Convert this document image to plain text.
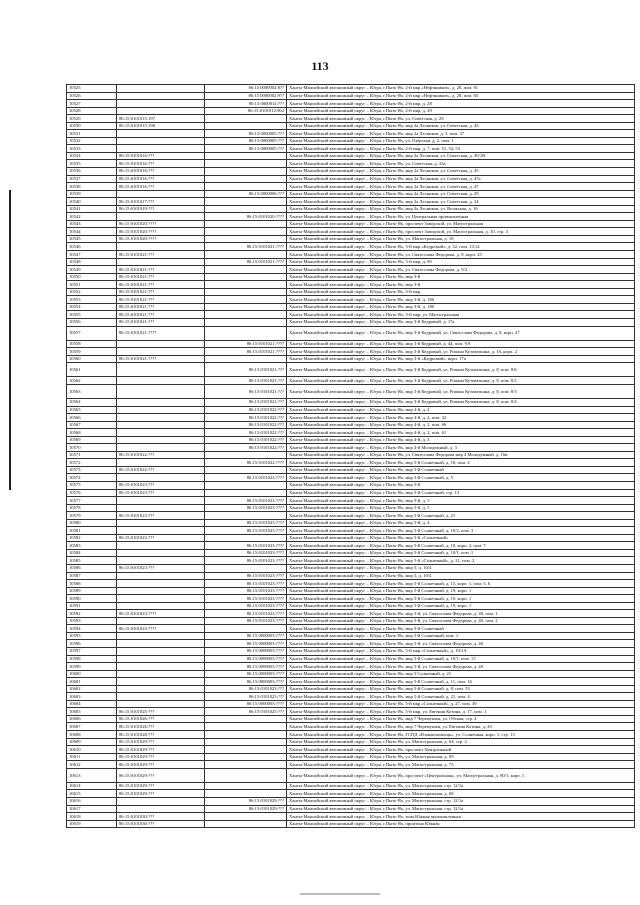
113
10525		86:15:0000002:8??	Ханты-Мансийский автономный округ – Югра, г.Пыть-Ях, 2-й мкр «Нефтяников», д. 28, пом. 81
10526		86:15:0000002:9??	Ханты-Мансийский автономный округ – Югра, г.Пыть-Ях, 2-й мкр «Нефтяников», д. 28, пом. 83
10527		86:15:0000012:???	Ханты-Мансийский автономный округ – Югра, г.Пыть-Ях, 2-й мкр, д. 28
10528		86:15:0101012:962	Ханты-Мансийский автономный округ – Югра, г.Пыть-Ях, 2-й мкр, д. 29
10529	86:15:0101015:197		Ханты-Мансийский автономный округ – Югра, г.Пыть-Ях, ул. Советская, д. 29
10530	86:15:0101015:198		Ханты-Мансийский автономный округ – Югра, г.Пыть-Ях, мкр 2а Лесников, ул. Советская, д. 43
10531		86:15:0000005:???	Ханты-Мансийский автономный округ – Югра, г.Пыть-Ях, мкр 2а Лесников, д. 3, пом. 37
10532		86:15:0000005:???	Ханты-Мансийский автономный округ – Югра, г.Пыть-Ях, ул. Озёрская, д. 2, пом. 1
10533		86:15:0000005:???	Ханты-Мансийский автономный округ – Югра, г.Пыть-Ях, 2-й мкр, д. 7, пом. 51, 52, 53
10534	86:15:0101016:???		Ханты-Мансийский автономный округ – Югра, г.Пыть-Ях, мкр 2а Лесников, ул. Советская, д. 30/1В
10535	86:15:0101016:???		Ханты-Мансийский автономный округ – Югра, г.Пыть-Ях, ул. Советская, д. 33а
10536	86:15:0101016:???		Ханты-Мансийский автономный округ – Югра, г.Пыть-Ях, мкр 2а Лесников, ул. Советская, д. 45
10537	86:15:0101016:???		Ханты-Мансийский автономный округ – Югра, г.Пыть-Ях, мкр 2а Лесников, ул. Советская, д. 47а
10538	86:15:0101016:???		Ханты-Мансийский автономный округ – Югра, г.Пыть-Ях, мкр 2а Лесников, ул. Советская, д. 47
10539		86:15:0000006:???	Ханты-Мансийский автономный округ – Югра, г.Пыть-Ях, мкр 2а Лесников, ул. Советская, д. 29
10540	86:15:0101017:???		Ханты-Мансийский автономный округ – Югра, г.Пыть-Ях, мкр 2а Лесников, ул. Советская, д. 34
10541	86:15:0101019:???		Ханты-Мансийский автономный округ – Югра, г.Пыть-Ях, мкр 2а Лесников, ул. Волжская, д. 16
10542		86:15:0101020:????	Ханты-Мансийский автономный округ – Югра, г.Пыть-Ях, ул. Центральная промышленная
10543	86:15:0101020:????		Ханты-Мансийский автономный округ – Югра, г.Пыть-Ях, проспект Заводской, ул. Магистральная
10544	86:15:0101020:????		Ханты-Мансийский автономный округ – Югра, г.Пыть-Ях, проспект Заводской, ул. Магистральная, д. 10, стр. 3
10545	86:15:0101020:????		Ханты-Мансийский автономный округ – Югра, г.Пыть-Ях, ул. Магистральная, д. 18
10546		86:15:0101021:????	Ханты-Мансийский автономный округ – Югра, г.Пыть-Ях, 3-й мкр «Кедровый», д. 32, пом. 13,14
10547	86:15:0101021:???		Ханты-Мансийский автономный округ – Югра, г.Пыть-Ях, ул. Святослава Федорова, д. 8, корп. 25
10548		86:15:0101021:????	Ханты-Мансийский автономный округ – Югра, г.Пыть-Ях, 3-й мкр, д. 9б
10549	86:15:0101021:???		Ханты-Мансийский автономный округ – Югра, г.Пыть-Ях, ул. Святослава Федорова, д. 9/2
10550	86:15:0101021:???		Ханты-Мансийский автономный округ – Югра, г.Пыть-Ях, мкр 3-й
10551	86:15:0101021:???		Ханты-Мансийский автономный округ – Югра, г.Пыть-Ях, мкр 3-й
10552	86:15:0101021:???		Ханты-Мансийский автономный округ – Югра, г.Пыть-Ях, 3-й мкр
10553	86:15:0101021:???		Ханты-Мансийский автономный округ – Югра, г.Пыть-Ях, мкр 3-й, д. 18б
10554	86:15:0101021:???		Ханты-Мансийский автономный округ – Югра, г.Пыть-Ях, мкр 3-й, д. 18б
10555	86:15:0101021:???		Ханты-Мансийский автономный округ – Югра, г.Пыть-Ях, 3-й мкр, ул. Магистральная
10556	86:15:0101021:???		Ханты-Мансийский автономный округ – Югра, г.Пыть-Ях, мкр 3-й Кедровый, д. 17а
10557	86:15:0101021:????		Ханты-Мансийский автономный округ – Югра, г.Пыть-Ях, мкр 3-й Кедровый, ул. Святослава Федорова, д. 8, корп. 27
10558		86:15:0101021:????	Ханты-Мансийский автономный округ – Югра, г.Пыть-Ях, мкр 3-й Кедровый, д. 44, пом. 9,9
10559		86:15:0101021:????	Ханты-Мансийский автономный округ – Югра, г.Пыть-Ях, мкр 3-й Кедровый, ул. Романа Кузоваткина, д. 16, корп. 2
10560	86:15:0101021:????		Ханты-Мансийский автономный округ – Югра, г.Пыть-Ях, мкр 3-й «Кедровый», корп. 17а
10561		86:15:0101021:???	Ханты-Мансийский автономный округ – Югра, г.Пыть-Ях, мкр 3-й Кедровый, ул. Романа Кузоваткина, д. 8, пом. 8/6
10562		86:15:0101021:???	Ханты-Мансийский автономный округ – Югра, г.Пыть-Ях, мкр 3-й Кедровый, ул. Романа Кузоваткина, д. 8, пом. 8/2
10563		86:15:0101021:???	Ханты-Мансийский автономный округ – Югра, г.Пыть-Ях, мкр 3-й Кедровый, ул. Романа Кузоваткина, д. 8, пом. 8/3
10564		86:15:0101021:???	Ханты-Мансийский автономный округ – Югра, г.Пыть-Ях, мкр 3-й Кедровый, ул. Романа Кузоваткина, д. 8, пом. 8/4
10565		86:15:0101022:???	Ханты-Мансийский автономный округ – Югра, г.Пыть-Ях, мкр 4-й, д. 2
10566		86:15:0101022:???	Ханты-Мансийский автономный округ – Югра, г.Пыть-Ях, мкр 4-й, д. 2, пом. 32
10567		86:15:0101022:???	Ханты-Мансийский автономный округ – Югра, г.Пыть-Ях, мкр 4-й, д. 2, пом. 66
10568		86:15:0101022:???	Ханты-Мансийский автономный округ – Югра, г.Пыть-Ях, мкр 4-й, д. 2, пом. 61
10569		86:15:0101022:???	Ханты-Мансийский автономный округ – Югра, г.Пыть-Ях, мкр 4-й, д. 3
10570		86:15:0101022:???	Ханты-Мансийский автономный округ – Югра, г.Пыть-Ях, мкр 4-й Молодежный, д. 3
10571	86:15:0101022:???		Ханты-Мансийский автономный округ – Югра, г.Пыть-Ях, ул. Святослава Федорова мкр 4 Молодежный, д. 16в
10572		86:15:0101022:????	Ханты-Мансийский автономный округ – Югра, г.Пыть-Ях, мкр 5-й Солнечный, д. 18, пом. 2
10573	86:15:0101022:???		Ханты-Мансийский автономный округ – Югра, г.Пыть-Ях, мкр 5-й Солнечный
10574		86:15:0101023:????	Ханты-Мансийский автономный округ – Югра, г.Пыть-Ях, мкр 5-й Солнечный, д. 5
10575	86:15:0101023:???		Ханты-Мансийский автономный округ – Югра, г.Пыть-Ях, мкр 5-й
10576	86:15:0101023:???		Ханты-Мансийский автономный округ – Югра, г.Пыть-Ях, мкр 5-й Солнечный, стр. 13
10577		86:15:0101023:????	Ханты-Мансийский автономный округ – Югра, г.Пыть-Ях, мкр 5-й, д. 5
10578		86:15:0101023:????	Ханты-Мансийский автономный округ – Югра, г.Пыть-Ях, мкр 5-й, д. 5
10579	86:15:0101023:???		Ханты-Мансийский автономный округ – Югра, г.Пыть-Ях, мкр 5-й Солнечный, д. 21
10580		86:15:0101023:????	Ханты-Мансийский автономный округ – Югра, г.Пыть-Ях, мкр 5-й, д. 4
10581		86:15:0101023:????	Ханты-Мансийский автономный округ – Югра, г.Пыть-Ях, мкр 5-й Солнечный, д. 10/2, пом. 3
10582	86:15:0101023:???		Ханты-Мансийский автономный округ – Югра, г.Пыть-Ях, мкр 5-й «Солнечный»
10583		86:15:0101023:????	Ханты-Мансийский автономный округ – Югра, г.Пыть-Ях, мкр 5-й Солнечный, д. 10, корп. 2, пом. 7
10584		86:15:0101023:????	Ханты-Мансийский автономный округ – Югра, г.Пыть-Ях, мкр 5-й Солнечный, д. 10/1, пом. 1
10585		86:15:0101023:????	Ханты-Мансийский автономный округ – Югра, г.Пыть-Ях, мкр 5-й «Солнечный», д. 21, пом. 2
10586	86:15:0101023:???		Ханты-Мансийский автономный округ – Югра, г.Пыть-Ях, мкр 5, д. 10/4
10587		86:15:0101023:????	Ханты-Мансийский автономный округ – Югра, г.Пыть-Ях, мкр 5, д. 10/4
10588		86:15:0101023:????	Ханты-Мансийский автономный округ – Югра, г.Пыть-Ях, мкр 5-й Солнечный, д. 15, корп. 1, пом. 5, 6
10589		86:15:0101023:????	Ханты-Мансийский автономный округ – Югра, г.Пыть-Ях, мкр 5-й Солнечный, д. 19, корп. 1
10590		86:15:0101023:????	Ханты-Мансийский автономный округ – Югра, г.Пыть-Ях, мкр 5-й Солнечный, д. 19, корп. 1
10591		86:15:0101023:????	Ханты-Мансийский автономный округ – Югра, г.Пыть-Ях, мкр 5-й Солнечный, д. 19, корп. 1
10592	86:15:0101023:????	86:15:0101023:????	Ханты-Мансийский автономный округ – Югра, г.Пыть-Ях, мкр 5-й, ул. Святослава Федорова, д. 40, пом. 1
10593		86:15:0101023:????	Ханты-Мансийский автономный округ – Югра, г.Пыть-Ях, мкр 5-й, ул. Святослава Федорова, д. 40, пом. 2
10594	86:15:0101023:????		Ханты-Мансийский автономный округ – Югра, г.Пыть-Ях, мкр 5-й Солнечный
10595		86:15:0000003:????	Ханты-Мансийский автономный округ – Югра, г.Пыть-Ях, мкр 5-й Солнечный, пом. 1
10596		86:15:0000003:????	Ханты-Мансийский автономный округ – Югра, г.Пыть-Ях, мкр 5-й, ул. Святослава Федорова, д. 40
10597		86:15:0000003:????	Ханты-Мансийский автономный округ – Югра, г.Пыть-Ях, 5-й мкр «Солнечный», д. 10/1А
10598		86:15:0000003:????	Ханты-Мансийский автономный округ – Югра, г.Пыть-Ях, мкр 5-й Солнечный, д. 10/1, пом. 15
10599		86:15:0000003:????	Ханты-Мансийский автономный округ – Югра, г.Пыть-Ях, мкр 5-й, ул. Святослава Федорова, д. 40
10600		86:15:0000003:????	Ханты-Мансийский автономный округ – Югра, г.Пыть-Ях, мкр 5 Солнечный, д. 21
10601		86:15:0000003:????	Ханты-Мансийский автономный округ – Югра, г.Пыть-Ях, мкр 5-й Солнечный, д. 11, пом. 16
10602		86:15:0101023:???	Ханты-Мансийский автономный округ – Югра, г.Пыть-Ях, мкр 5-й Солнечный, д. 8, пом. 53
10603		86:15:0101023:???	Ханты-Мансийский автономный округ – Югра, г.Пыть-Ях, мкр 5-й Солнечный, д. 21, пом. 4
10604		86:15:0000003:????	Ханты-Мансийский автономный округ – Югра, г.Пыть-Ях, 5-й мкр «Солнечный», д. 27, пом. 49
10605	86:15:0101025:???	86:15:0101025:???	Ханты-Мансийский автономный округ – Югра, г.Пыть-Ях, 5-й мкр, ул. Евгения Котина, д. 17, пом. 1
10606	86:15:0101026:???		Ханты-Мансийский автономный округ – Югра, г.Пыть-Ях, мкр 7 Черемушки, ул. Обская, стр. 4
10607	86:15:0101026:???		Ханты-Мансийский автономный округ – Югра, г.Пыть-Ях, мкр 7 Черемушки, ул. Евгения Котина, д. 20
10608	86:15:0101028:???		Ханты-Мансийский автономный округ – Югра, г.Пыть-Ях, ГСПД «Взаимопомощь», ул. Солнечная, корп. 1, стр. 13
10609	86:15:0101029:???		Ханты-Мансийский автономный округ – Югра, г.Пыть-Ях, ул. Магистральная, д. 64, стр. 2
10610	86:15:0101029:???		Ханты-Мансийский автономный округ – Югра, г.Пыть-Ях, проспект Центральный
10611	86:15:0101029:???		Ханты-Мансийский автономный округ – Югра, г.Пыть-Ях, ул. Магистральная, д. 69
10612	86:15:0101029:???		Ханты-Мансийский автономный округ – Югра, г.Пыть-Ях, ул. Магистральная, д. 75
10613	86:15:0101029:???		Ханты-Мансийский автономный округ – Югра, г.Пыть-Ях, проспект «Центральная», ул. Магистральная, д. 80/1, корп. 1
10614	86:15:0101029:???		Ханты-Мансийский автономный округ – Югра, г.Пыть-Ях, ул. Магистральная, стр. 12/1а
10615	86:15:0101029:???		Ханты-Мансийский автономный округ – Югра, г.Пыть-Ях, ул. Магистральная, д. 68
10616		86:15:0101029:???	Ханты-Мансийский автономный округ – Югра, г.Пыть-Ях, ул. Магистральная, стр. 12/1а
10617		86:15:0101029:???	Ханты-Мансийский автономный округ – Югра, г.Пыть-Ях, ул. Магистральная, стр. 12/1а
10618	86:15:0101030:???		Ханты-Мансийский автономный округ – Югра, г.Пыть-Ях, зона Южная промышленная
10619	86:15:0101030:???		Ханты-Мансийский автономный округ – Югра, г.Пыть-Ях, промзона Южная
